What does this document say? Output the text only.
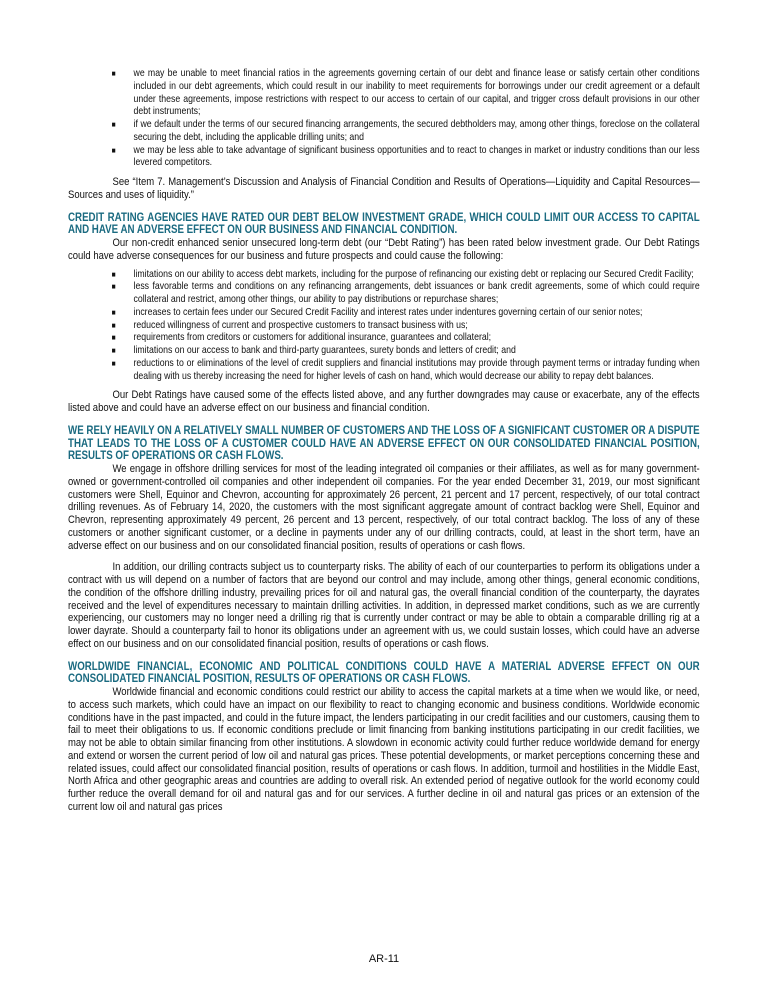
■ we may be unable to meet financial ratios in the agreements governing certain of our debt and finance lease or satisfy certain other conditions included in our debt agreements, which could result in our inability to meet requirements for borrowings under our credit agreement or a default under these agreements, impose restrictions with respect to our access to certain of our capital, and trigger cross default provisions in our other debt instruments;
■ if we default under the terms of our secured financing arrangements, the secured debtholders may, among other things, foreclose on the collateral securing the debt, including the applicable drilling units; and
■ we may be less able to take advantage of significant business opportunities and to react to changes in market or industry conditions than our less levered competitors.

See “Item 7. Management’s Discussion and Analysis of Financial Condition and Results of Operations—Liquidity and Capital Resources—Sources and uses of liquidity.”

CREDIT RATING AGENCIES HAVE RATED OUR DEBT BELOW INVESTMENT GRADE, WHICH COULD LIMIT OUR ACCESS TO CAPITAL AND HAVE AN ADVERSE EFFECT ON OUR BUSINESS AND FINANCIAL CONDITION.

Our non-credit enhanced senior unsecured long-term debt (our “Debt Rating”) has been rated below investment grade. Our Debt Ratings could have adverse consequences for our business and future prospects and could cause the following:

■ limitations on our ability to access debt markets, including for the purpose of refinancing our existing debt or replacing our Secured Credit Facility;
■ less favorable terms and conditions on any refinancing arrangements, debt issuances or bank credit agreements, some of which could require collateral and restrict, among other things, our ability to pay distributions or repurchase shares;
■ increases to certain fees under our Secured Credit Facility and interest rates under indentures governing certain of our senior notes;
■ reduced willingness of current and prospective customers to transact business with us;
■ requirements from creditors or customers for additional insurance, guarantees and collateral;
■ limitations on our access to bank and third-party guarantees, surety bonds and letters of credit; and
■ reductions to or eliminations of the level of credit suppliers and financial institutions may provide through payment terms or intraday funding when dealing with us thereby increasing the need for higher levels of cash on hand, which would decrease our ability to repay debt balances.

Our Debt Ratings have caused some of the effects listed above, and any further downgrades may cause or exacerbate, any of the effects listed above and could have an adverse effect on our business and financial condition.

WE RELY HEAVILY ON A RELATIVELY SMALL NUMBER OF CUSTOMERS AND THE LOSS OF A SIGNIFICANT CUSTOMER OR A DISPUTE THAT LEADS TO THE LOSS OF A CUSTOMER COULD HAVE AN ADVERSE EFFECT ON OUR CONSOLIDATED FINANCIAL POSITION, RESULTS OF OPERATIONS OR CASH FLOWS.

We engage in offshore drilling services for most of the leading integrated oil companies or their affiliates, as well as for many government-owned or government-controlled oil companies and other independent oil companies. For the year ended December 31, 2019, our most significant customers were Shell, Equinor and Chevron, accounting for approximately 26 percent, 21 percent and 17 percent, respectively, of our total contract drilling revenues. As of February 14, 2020, the customers with the most significant aggregate amount of contract backlog were Shell, Equinor and Chevron, representing approximately 49 percent, 26 percent and 13 percent, respectively, of our total contract backlog. The loss of any of these customers or another significant customer, or a decline in payments under any of our drilling contracts, could, at least in the short term, have an adverse effect on our business and on our consolidated financial position, results of operations or cash flows.

In addition, our drilling contracts subject us to counterparty risks. The ability of each of our counterparties to perform its obligations under a contract with us will depend on a number of factors that are beyond our control and may include, among other things, general economic conditions, the condition of the offshore drilling industry, prevailing prices for oil and natural gas, the overall financial condition of the counterparty, the dayrates received and the level of expenditures necessary to maintain drilling activities. In addition, in depressed market conditions, such as we are currently experiencing, our customers may no longer need a drilling rig that is currently under contract or may be able to obtain a comparable drilling rig at a lower dayrate. Should a counterparty fail to honor its obligations under an agreement with us, we could sustain losses, which could have an adverse effect on our business and on our consolidated financial position, results of operations or cash flows.

WORLDWIDE FINANCIAL, ECONOMIC AND POLITICAL CONDITIONS COULD HAVE A MATERIAL ADVERSE EFFECT ON OUR CONSOLIDATED FINANCIAL POSITION, RESULTS OF OPERATIONS OR CASH FLOWS.

Worldwide financial and economic conditions could restrict our ability to access the capital markets at a time when we would like, or need, to access such markets, which could have an impact on our flexibility to react to changing economic and business conditions. Worldwide economic conditions have in the past impacted, and could in the future impact, the lenders participating in our credit facilities and our customers, causing them to fail to meet their obligations to us. If economic conditions preclude or limit financing from banking institutions participating in our credit facilities, we may not be able to obtain similar financing from other institutions. A slowdown in economic activity could further reduce worldwide demand for energy and extend or worsen the current period of low oil and natural gas prices. These potential developments, or market perceptions concerning these and related issues, could affect our consolidated financial position, results of operations or cash flows. In addition, turmoil and hostilities in the Middle East, North Africa and other geographic areas and countries are adding to overall risk. An extended period of negative outlook for the world economy could further reduce the overall demand for oil and natural gas and for our services. A further decline in oil and natural gas prices or an extension of the current low oil and natural gas prices

AR-11
